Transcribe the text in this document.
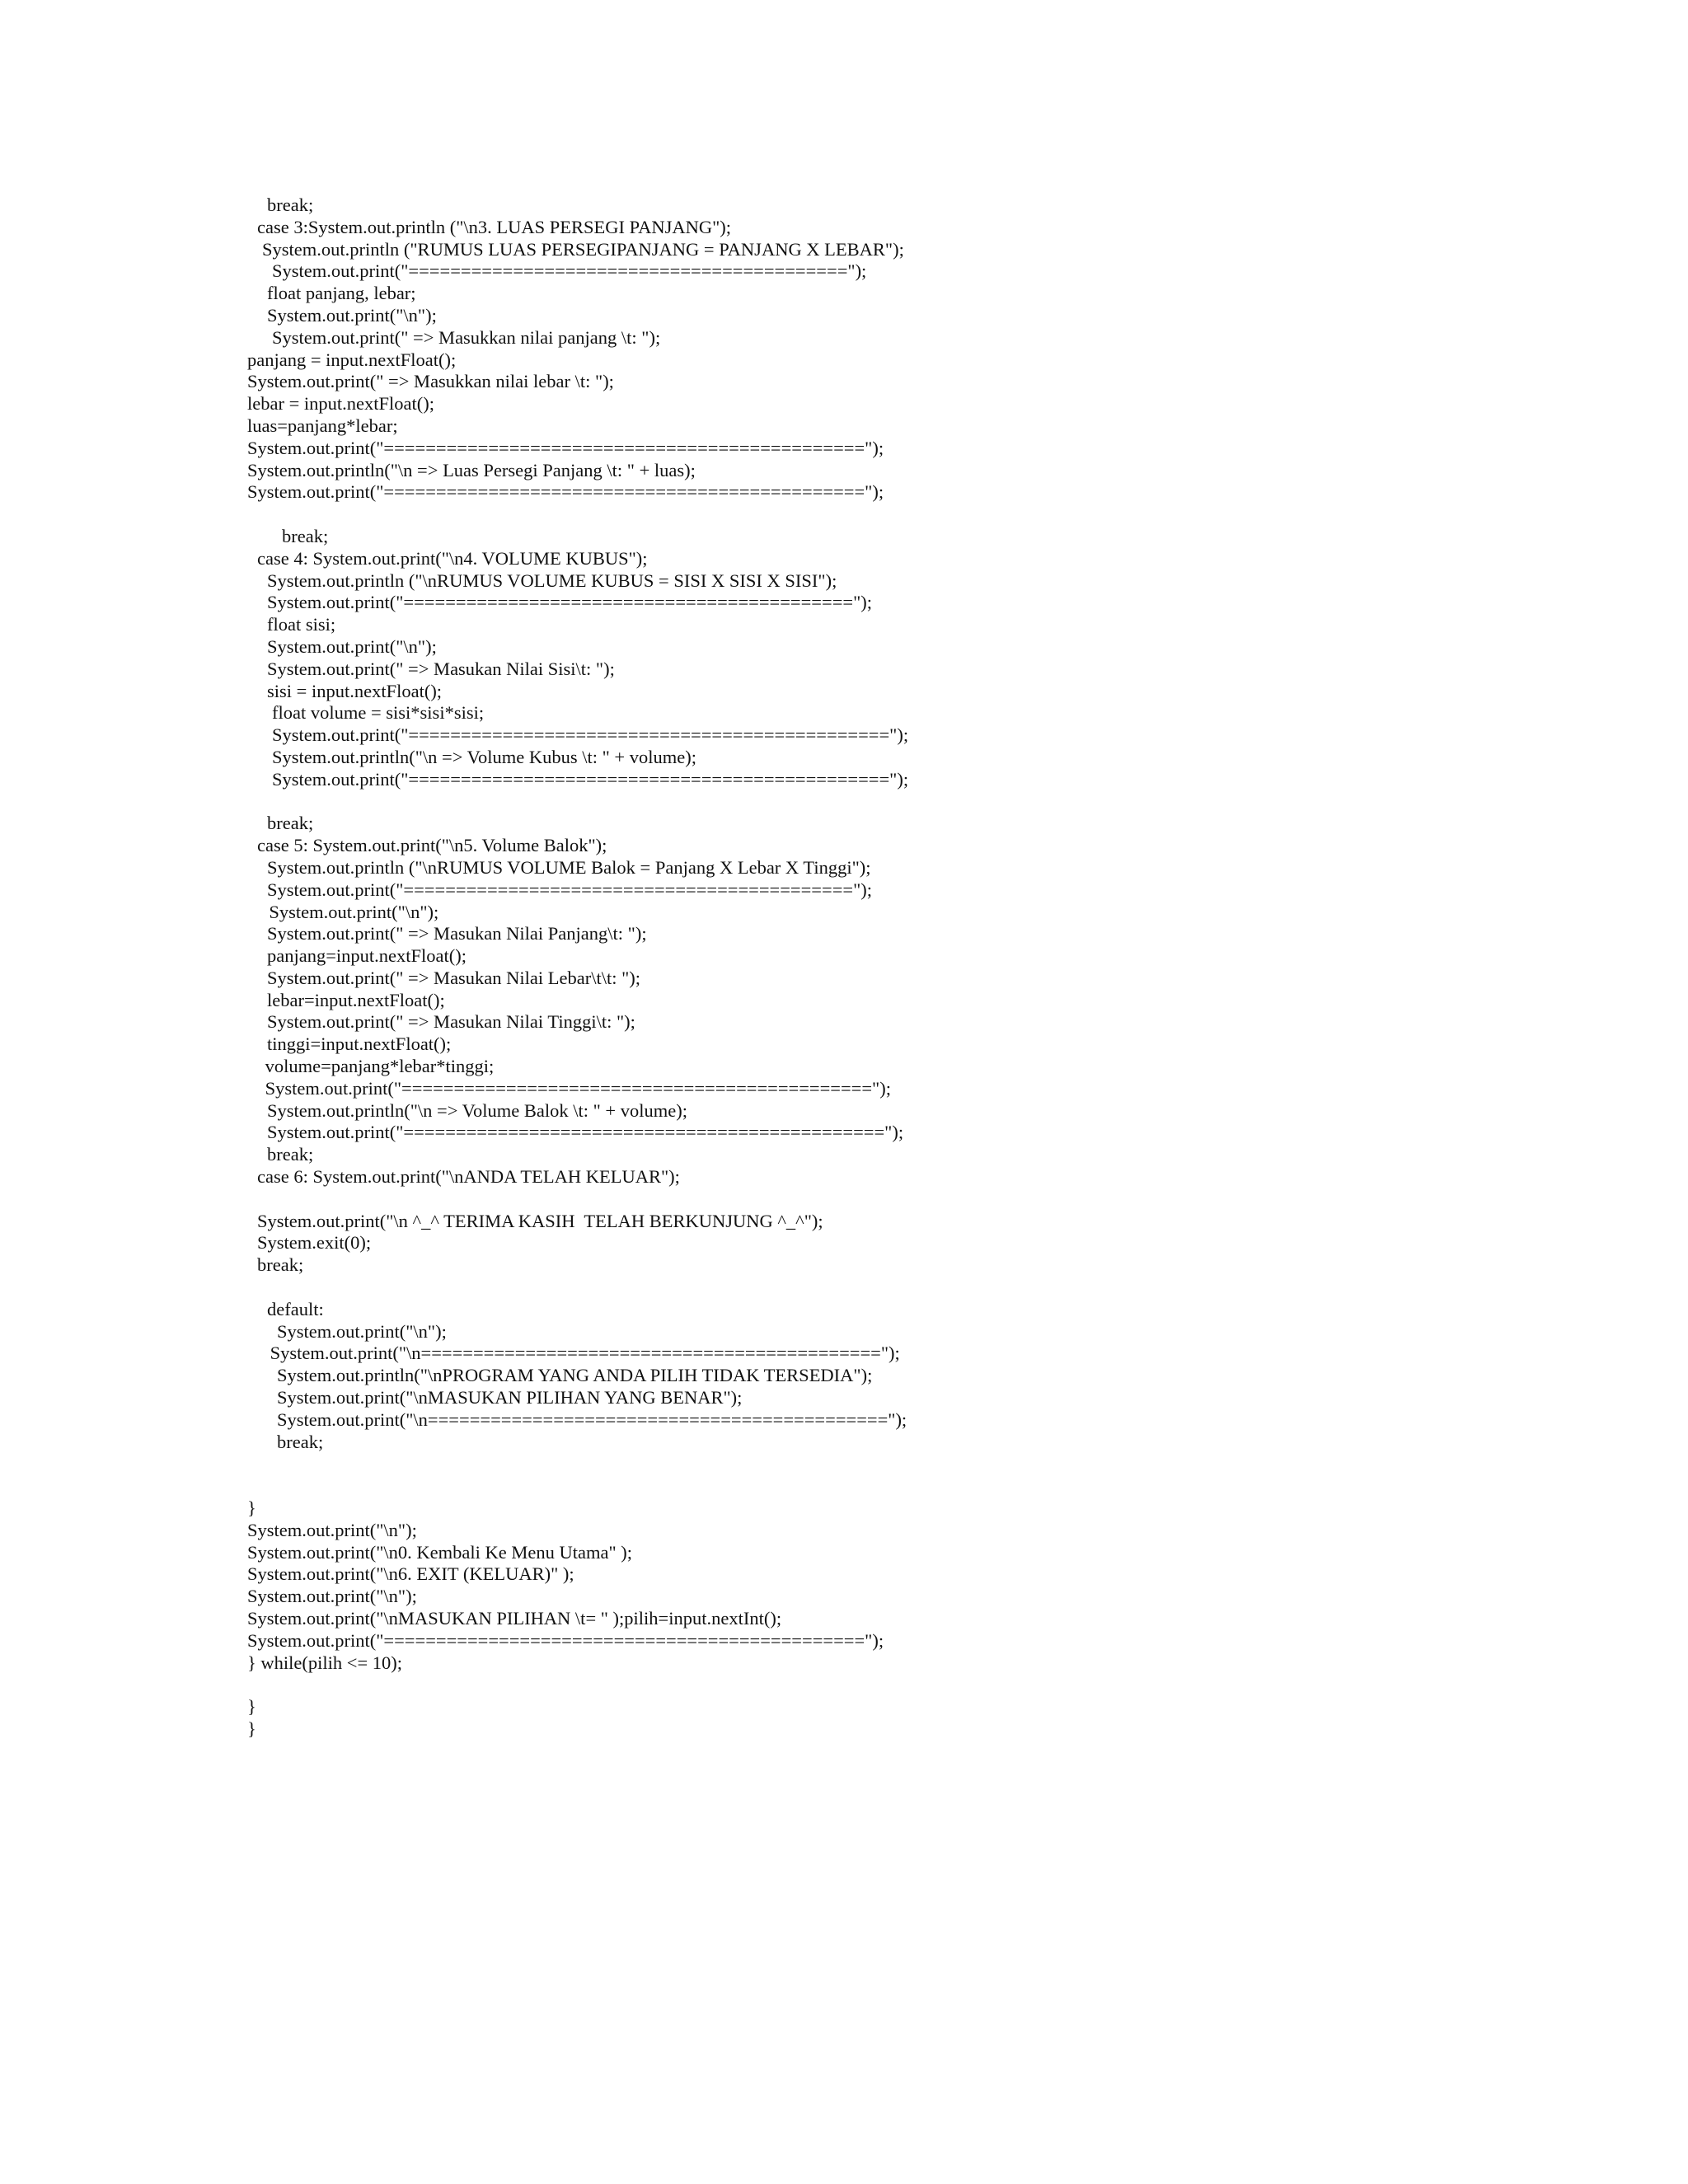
break;
case 3:System.out.println ("\n3. LUAS PERSEGI PANJANG");
System.out.println ("RUMUS LUAS PERSEGIPANJANG = PANJANG X LEBAR");
System.out.print("==========================================");
float panjang, lebar;
System.out.print("\n");
System.out.print(" => Masukkan nilai panjang \t: ");
panjang = input.nextFloat();
System.out.print(" => Masukkan nilai lebar \t: ");
lebar = input.nextFloat();
luas=panjang*lebar;
System.out.print("==============================================");
System.out.println("\n => Luas Persegi Panjang \t: " + luas);
System.out.print("==============================================");
break;
case 4: System.out.print("\n4. VOLUME KUBUS");
System.out.println ("\nRUMUS VOLUME KUBUS = SISI X SISI X SISI");
System.out.print("===========================================");
float sisi;
System.out.print("\n");
System.out.print(" => Masukan Nilai Sisi\t: ");
sisi = input.nextFloat();
float volume = sisi*sisi*sisi;
System.out.print("==============================================");
System.out.println("\n => Volume Kubus \t: " + volume);
System.out.print("==============================================");
break;
case 5: System.out.print("\n5. Volume Balok");
System.out.println ("\nRUMUS VOLUME Balok = Panjang X Lebar X Tinggi");
System.out.print("===========================================");
System.out.print("\n");
System.out.print(" => Masukan Nilai Panjang\t: ");
panjang=input.nextFloat();
System.out.print(" => Masukan Nilai Lebar\t\t: ");
lebar=input.nextFloat();
System.out.print(" => Masukan Nilai Tinggi\t: ");
tinggi=input.nextFloat();
volume=panjang*lebar*tinggi;
System.out.print("=============================================");
System.out.println("\n => Volume Balok \t: " + volume);
System.out.print("==============================================");
break;
case 6: System.out.print("\nANDA TELAH KELUAR");
System.out.print("\n ^_^ TERIMA KASIH  TELAH BERKUNJUNG ^_^");
System.exit(0);
break;
default:
System.out.print("\n");
System.out.print("\n============================================");
System.out.println("\nPROGRAM YANG ANDA PILIH TIDAK TERSEDIA");
System.out.print("\nMASUKAN PILIHAN YANG BENAR");
System.out.print("\n============================================");
break;
}
System.out.print("\n");
System.out.print("\n0. Kembali Ke Menu Utama" );
System.out.print("\n6. EXIT (KELUAR)" );
System.out.print("\n");
System.out.print("\nMASUKAN PILIHAN \t= " );pilih=input.nextInt();
System.out.print("==============================================");
} while(pilih <= 10);
}
}
